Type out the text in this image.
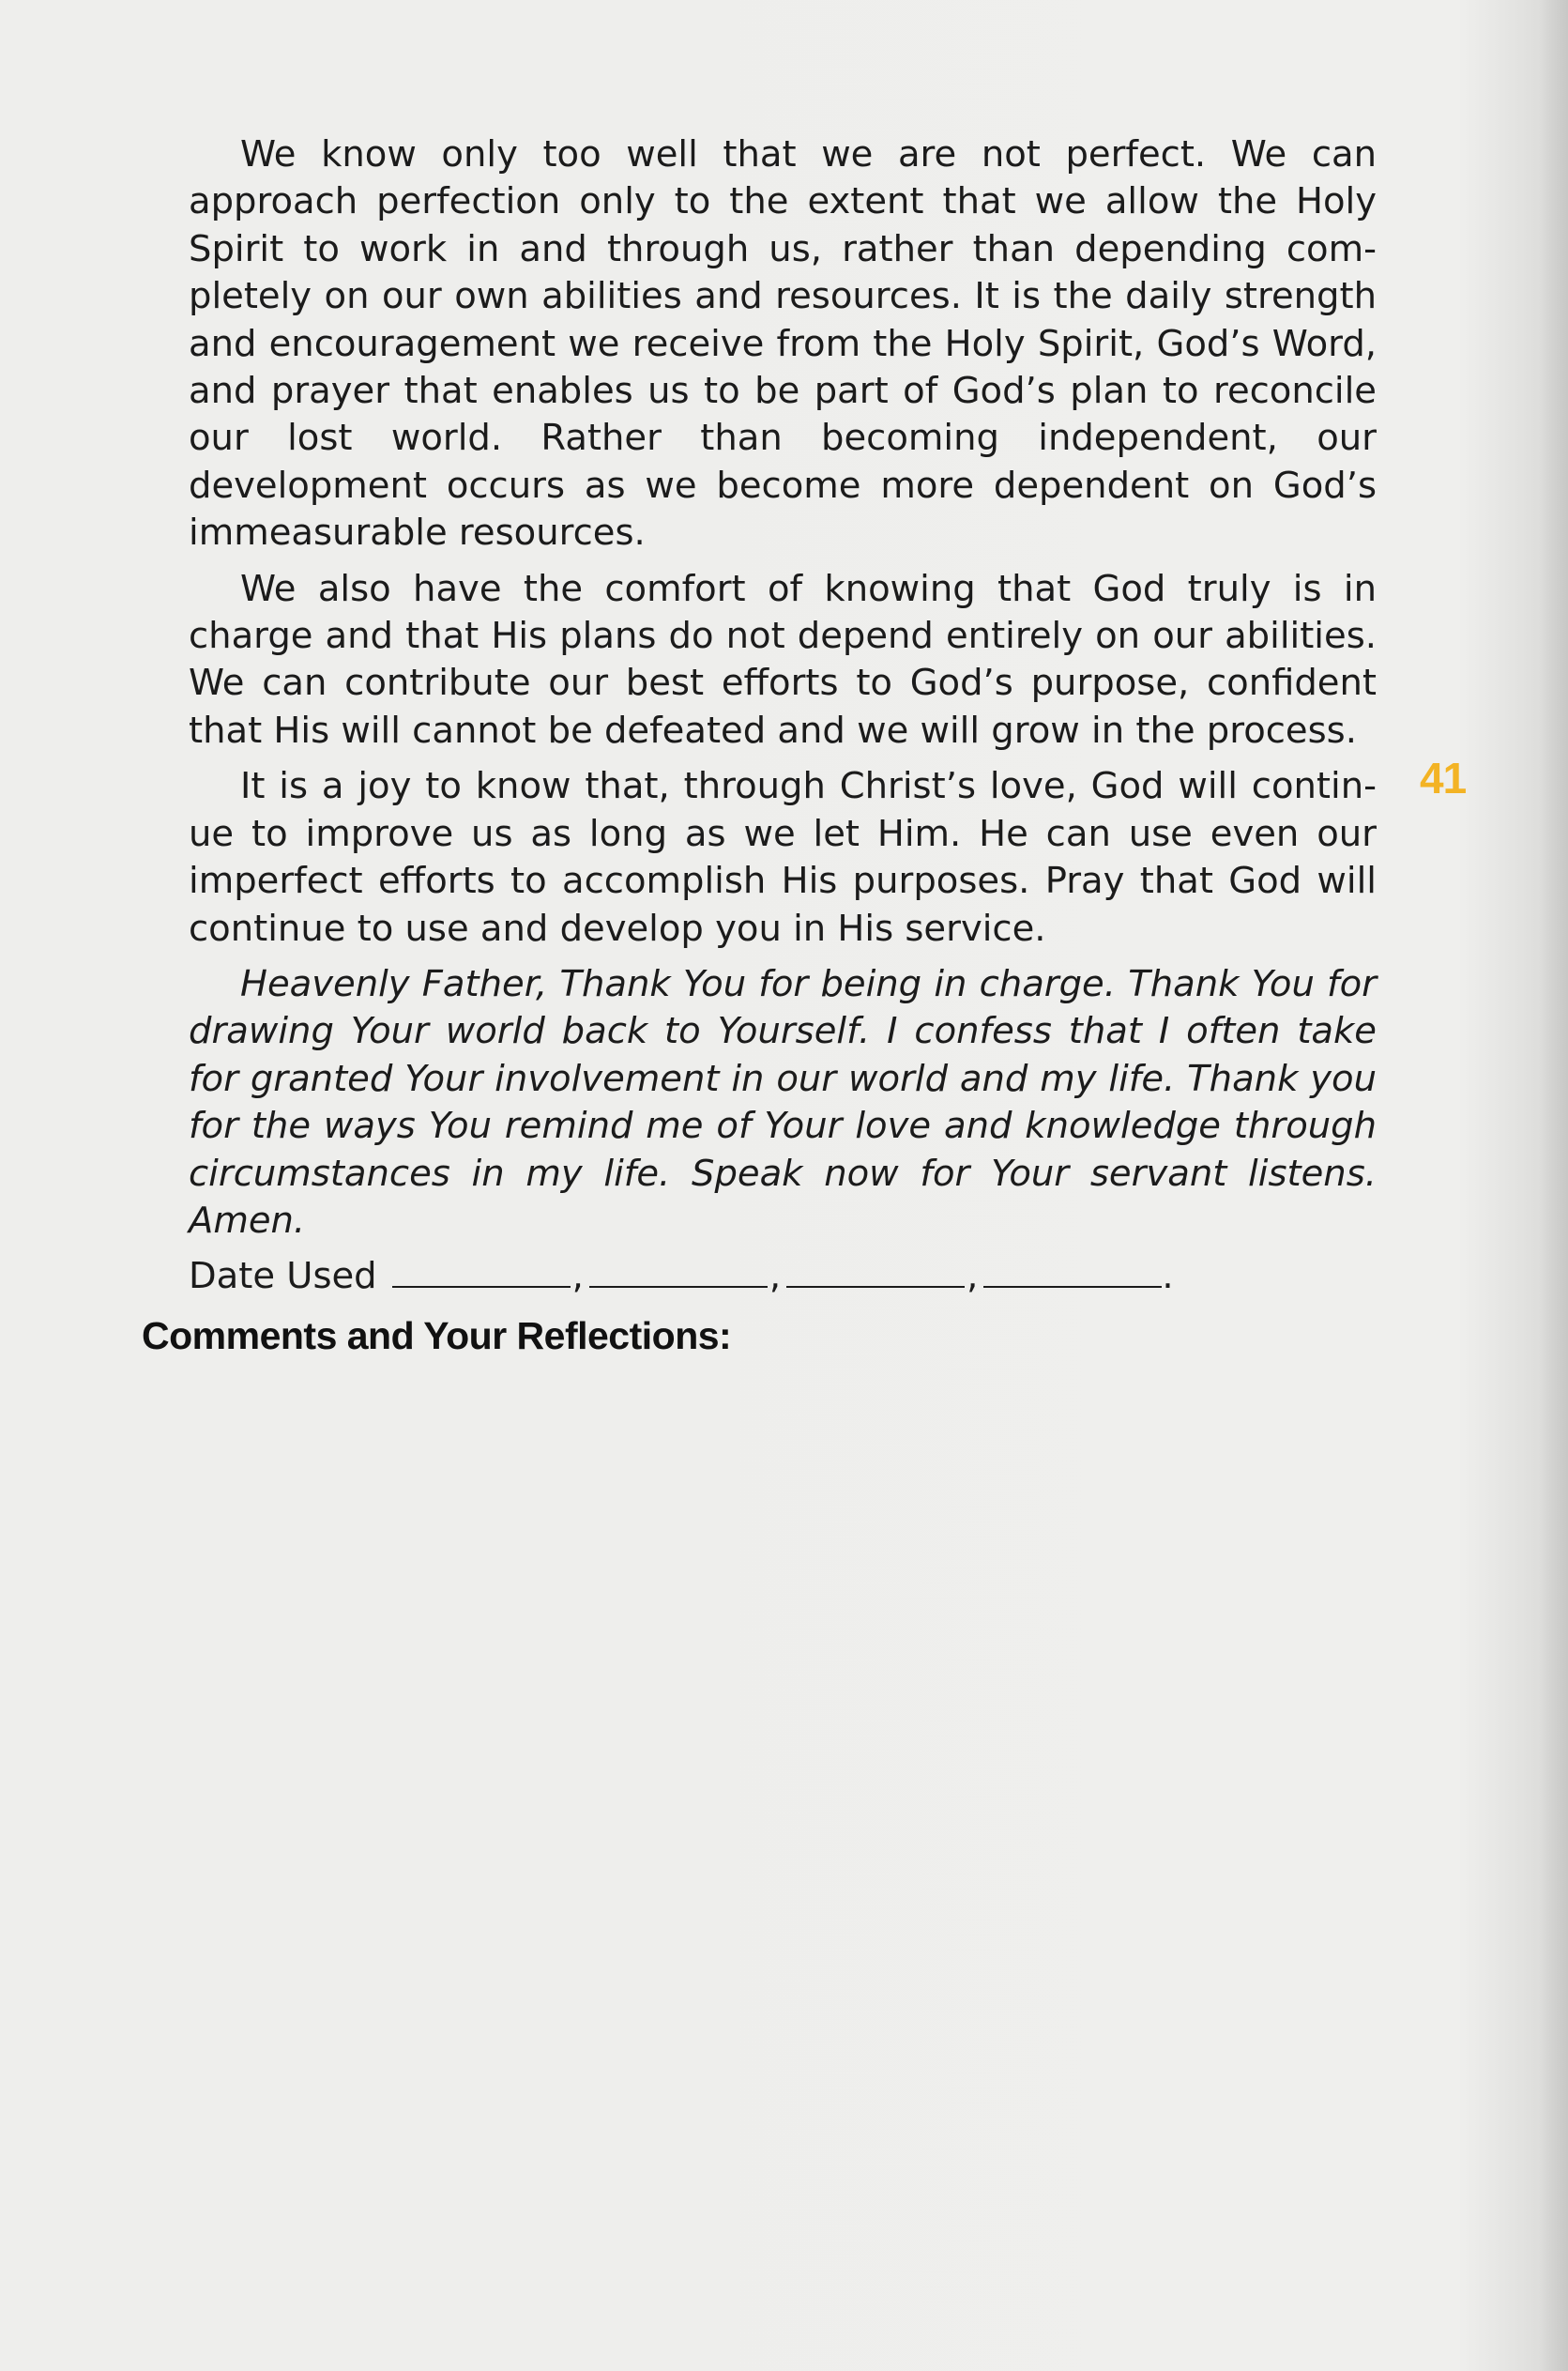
We know only too well that we are not perfect. We can approach perfection only to the extent that we allow the Holy Spirit to work in and through us, rather than depending completely on our own abilities and resources. It is the daily strength and encouragement we receive from the Holy Spirit, God’s Word, and prayer that enables us to be part of God’s plan to reconcile our lost world. Rather than becoming independent, our development occurs as we become more dependent on God’s immeasurable resources.

We also have the comfort of knowing that God truly is in charge and that His plans do not depend entirely on our abilities. We can contribute our best efforts to God’s purpose, confident that His will cannot be defeated and we will grow in the process.

It is a joy to know that, through Christ’s love, God will continue to improve us as long as we let Him. He can use even our imperfect efforts to accomplish His purposes. Pray that God will continue to use and develop you in His service.

Heavenly Father, Thank You for being in charge. Thank You for drawing Your world back to Yourself. I confess that I often take for granted Your involvement in our world and my life. Thank you for the ways You remind me of Your love and knowledge through circumstances in my life. Speak now for Your servant listens. Amen.

Date Used	,	,	,	.
Comments and Your Reflections:
41
